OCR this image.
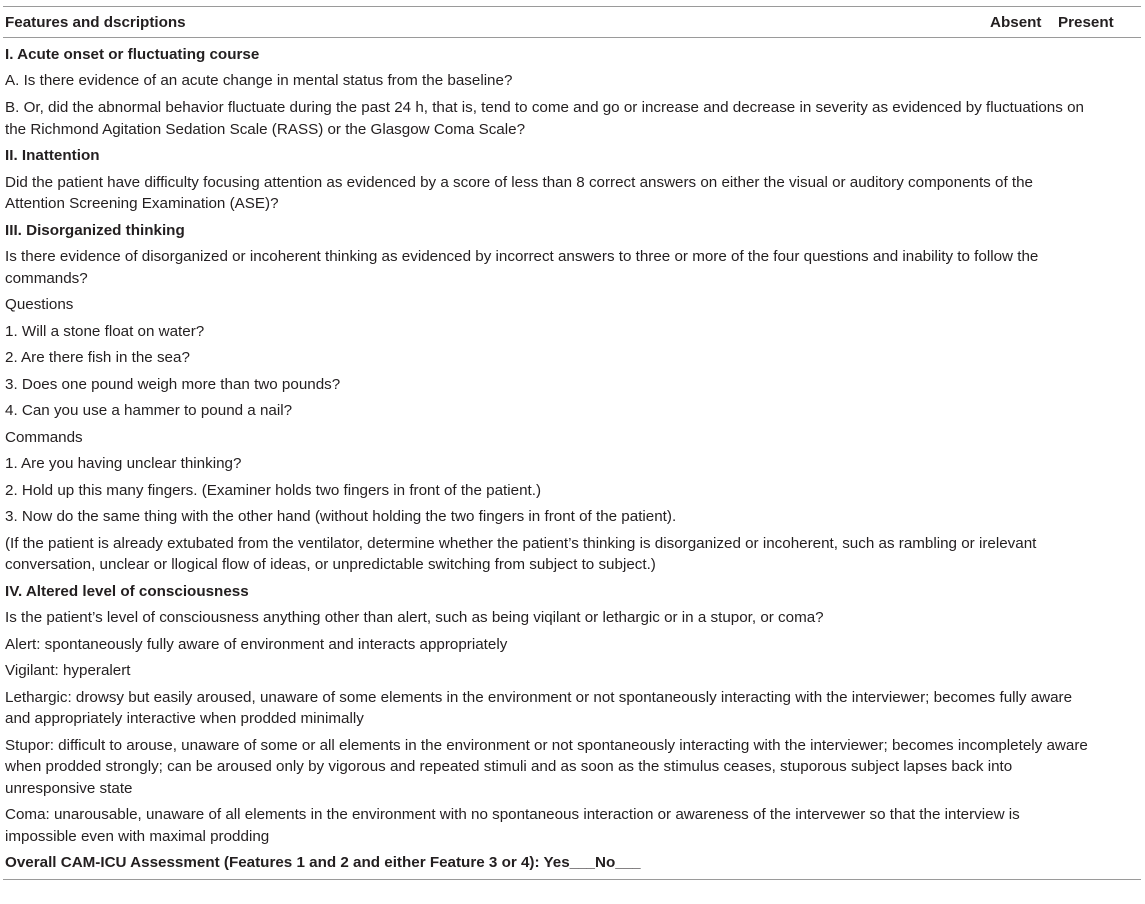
Features and dscriptions	Absent	Present
I. Acute onset or fluctuating course
A. Is there evidence of an acute change in mental status from the baseline?
B. Or, did the abnormal behavior fluctuate during the past 24 h, that is, tend to come and go or increase and decrease in severity as evidenced by fluctuations on the Richmond Agitation Sedation Scale (RASS) or the Glasgow Coma Scale?
II. Inattention
Did the patient have difficulty focusing attention as evidenced by a score of less than 8 correct answers on either the visual or auditory components of the Attention Screening Examination (ASE)?
III. Disorganized thinking
Is there evidence of disorganized or incoherent thinking as evidenced by incorrect answers to three or more of the four questions and inability to follow the commands?
Questions
1. Will a stone float on water?
2. Are there fish in the sea?
3. Does one pound weigh more than two pounds?
4. Can you use a hammer to pound a nail?
Commands
1. Are you having unclear thinking?
2. Hold up this many fingers. (Examiner holds two fingers in front of the patient.)
3. Now do the same thing with the other hand (without holding the two fingers in front of the patient).
(If the patient is already extubated from the ventilator, determine whether the patient’s thinking is disorganized or incoherent, such as rambling or irelevant conversation, unclear or llogical flow of ideas, or unpredictable switching from subject to subject.)
IV. Altered level of consciousness
Is the patient’s level of consciousness anything other than alert, such as being viqilant or lethargic or in a stupor, or coma?
Alert: spontaneously fully aware of environment and interacts appropriately
Vigilant: hyperalert
Lethargic: drowsy but easily aroused, unaware of some elements in the environment or not spontaneously interacting with the interviewer; becomes fully aware and appropriately interactive when prodded minimally
Stupor: difficult to arouse, unaware of some or all elements in the environment or not spontaneously interacting with the interviewer; becomes incompletely aware when prodded strongly; can be aroused only by vigorous and repeated stimuli and as soon as the stimulus ceases, stuporous subject lapses back into unresponsive state
Coma: unarousable, unaware of all elements in the environment with no spontaneous interaction or awareness of the intervewer so that the interview is impossible even with maximal prodding
Overall CAM-ICU Assessment (Features 1 and 2 and either Feature 3 or 4): Yes___No___
